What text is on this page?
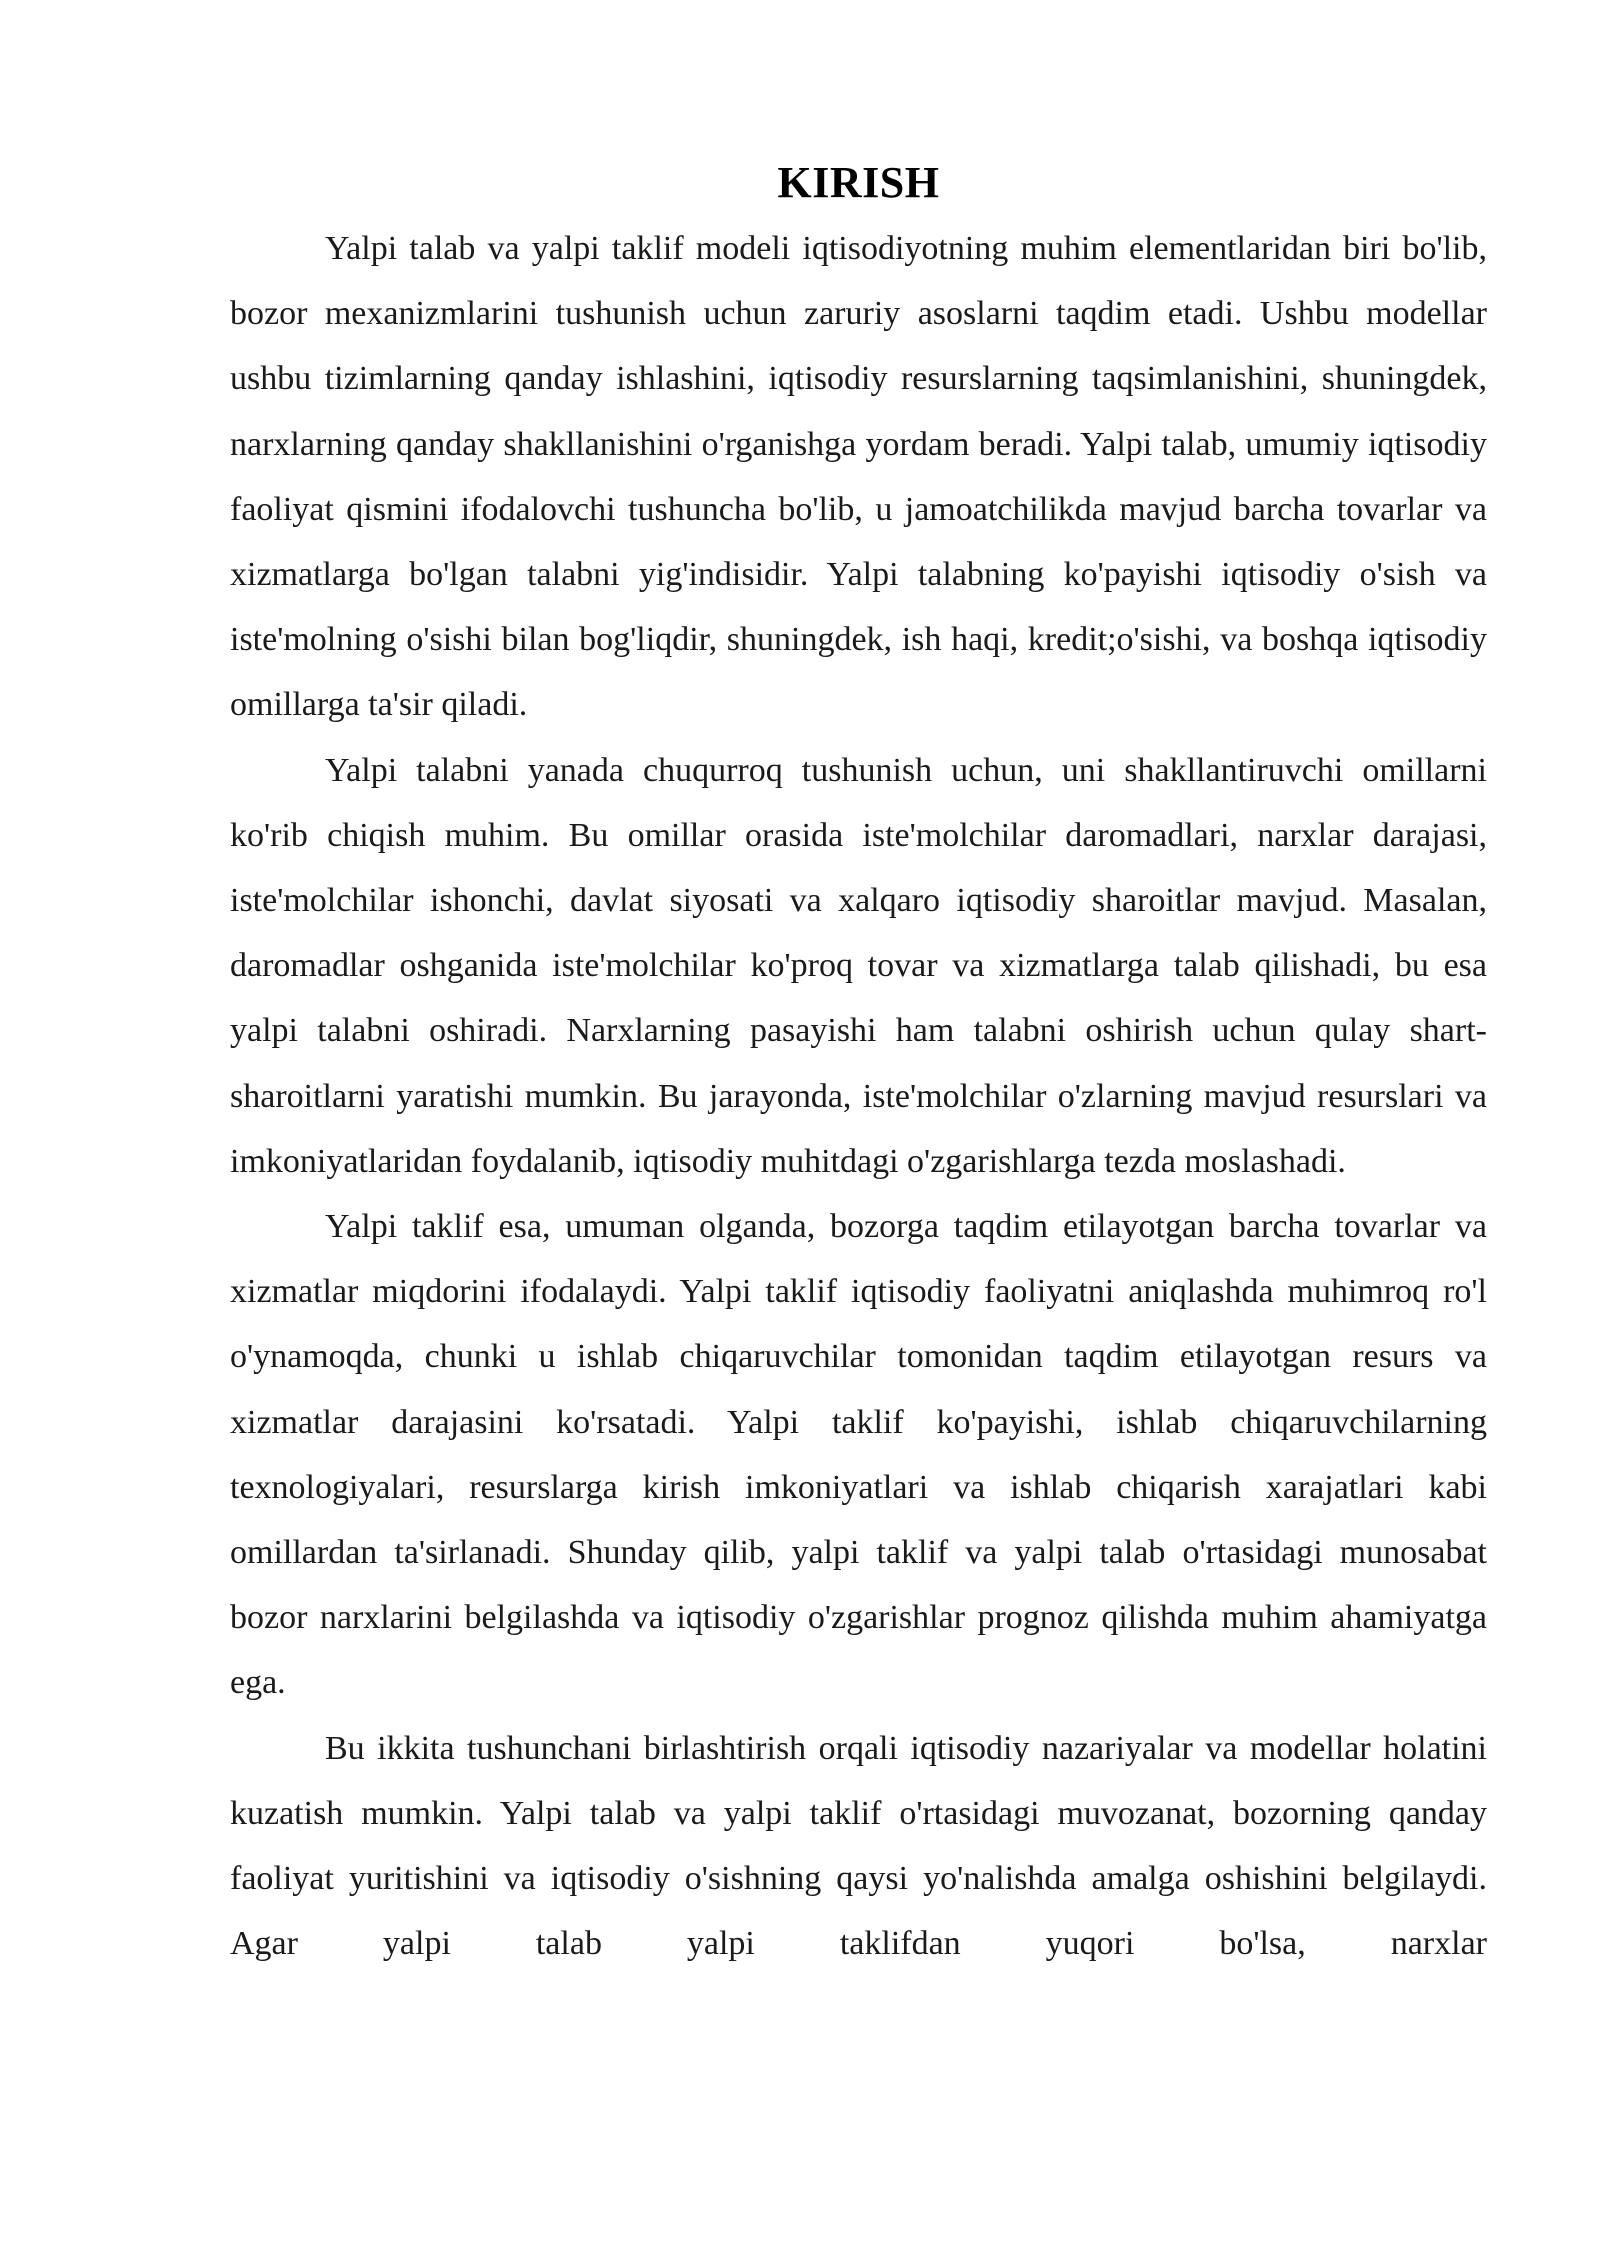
KIRISH

Yalpi talab va yalpi taklif modeli iqtisodiyotning muhim elementlaridan biri bo'lib, bozor mexanizmlarini tushunish uchun zaruriy asoslarni taqdim etadi. Ushbu modellar ushbu tizimlarning qanday ishlashini, iqtisodiy resurslarning taqsimlanishini, shuningdek, narxlarning qanday shakllanishini o'rganishga yordam beradi. Yalpi talab, umumiy iqtisodiy faoliyat qismini ifodalovchi tushuncha bo'lib, u jamoatchilikda mavjud barcha tovarlar va xizmatlarga bo'lgan talabni yig'indisidir. Yalpi talabning ko'payishi iqtisodiy o'sish va iste'molning o'sishi bilan bog'liqdir, shuningdek, ish haqi, kredit;o'sishi, va boshqa iqtisodiy omillarga ta'sir qiladi.

Yalpi talabni yanada chuqurroq tushunish uchun, uni shakllantiruvchi omillarni ko'rib chiqish muhim. Bu omillar orasida iste'molchilar daromadlari, narxlar darajasi, iste'molchilar ishonchi, davlat siyosati va xalqaro iqtisodiy sharoitlar mavjud. Masalan, daromadlar oshganida iste'molchilar ko'proq tovar va xizmatlarga talab qilishadi, bu esa yalpi talabni oshiradi. Narxlarning pasayishi ham talabni oshirish uchun qulay shart-sharoitlarni yaratishi mumkin. Bu jarayonda, iste'molchilar o'zlarning mavjud resurslari va imkoniyatlaridan foydalanib, iqtisodiy muhitdagi o'zgarishlarga tezda moslashadi.

Yalpi taklif esa, umuman olganda, bozorga taqdim etilayotgan barcha tovarlar va xizmatlar miqdorini ifodalaydi. Yalpi taklif iqtisodiy faoliyatni aniqlashda muhimroq ro'l o'ynamoqda, chunki u ishlab chiqaruvchilar tomonidan taqdim etilayotgan resurs va xizmatlar darajasini ko'rsatadi. Yalpi taklif ko'payishi, ishlab chiqaruvchilarning texnologiyalari, resurslarga kirish imkoniyatlari va ishlab chiqarish xarajatlari kabi omillardan ta'sirlanadi. Shunday qilib, yalpi taklif va yalpi talab o'rtasidagi munosabat bozor narxlarini belgilashda va iqtisodiy o'zgarishlar prognoz qilishda muhim ahamiyatga ega.

Bu ikkita tushunchani birlashtirish orqali iqtisodiy nazariyalar va modellar holatini kuzatish mumkin. Yalpi talab va yalpi taklif o'rtasidagi muvozanat, bozorning qanday faoliyat yuritishini va iqtisodiy o'sishning qaysi yo'nalishda amalga oshishini belgilaydi. Agar yalpi talab yalpi taklifdan yuqori bo'lsa, narxlar
